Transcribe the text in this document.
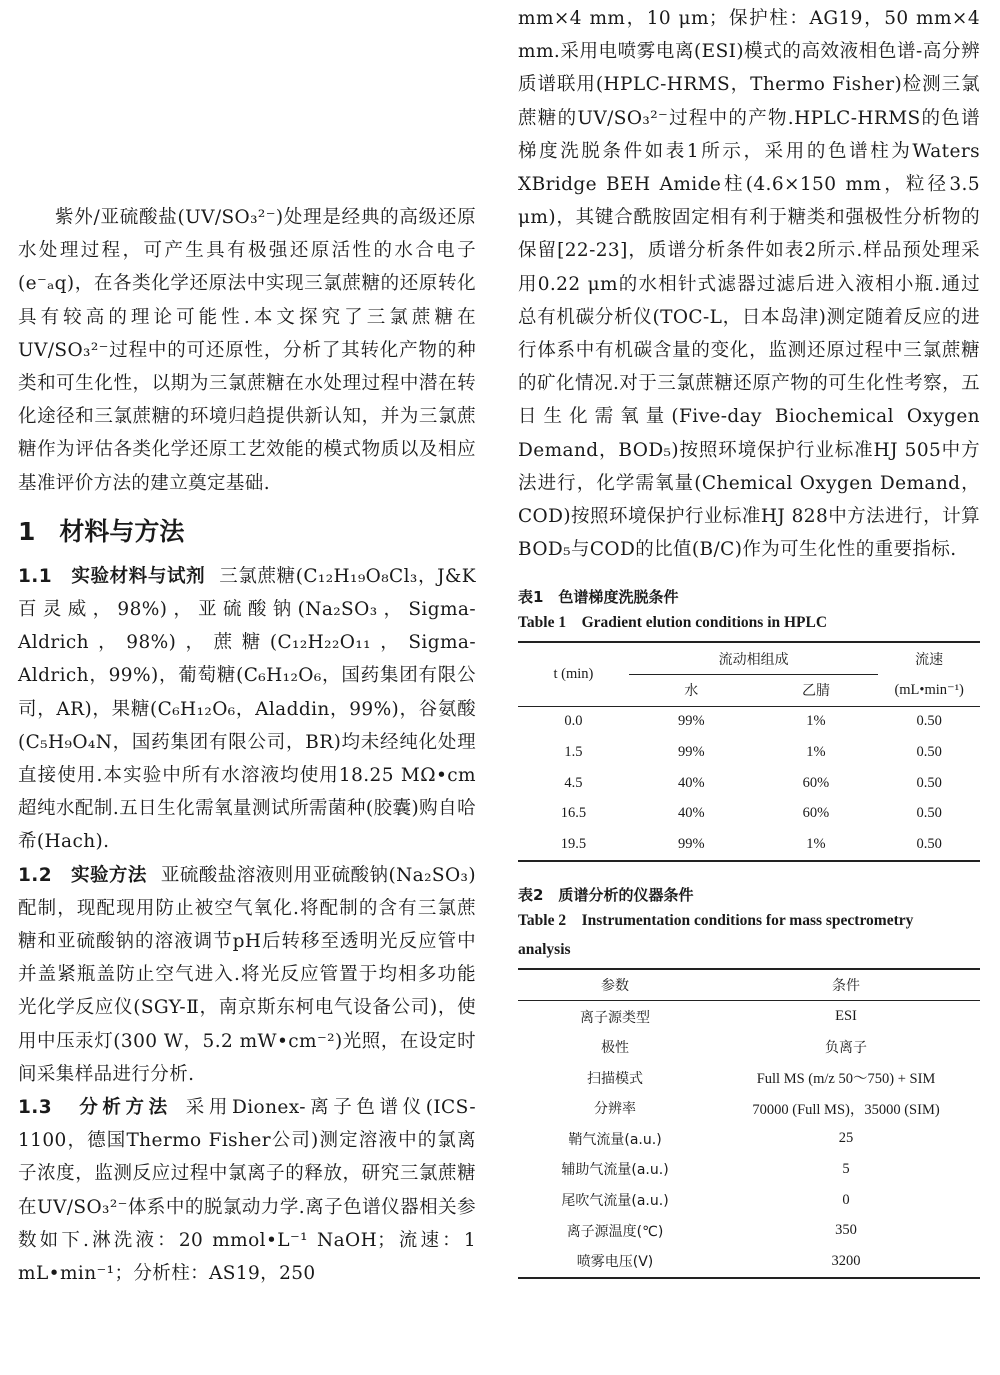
紫外/亚硫酸盐(UV/SO₃²⁻)处理是经典的高级还原水处理过程，可产生具有极强还原活性的水合电子(e⁻ₐq)，在各类化学还原法中实现三氯蔗糖的还原转化具有较高的理论可能性.本文探究了三氯蔗糖在UV/SO₃²⁻过程中的可还原性，分析了其转化产物的种类和可生化性，以期为三氯蔗糖在水处理过程中潜在转化途径和三氯蔗糖的环境归趋提供新认知，并为三氯蔗糖作为评估各类化学还原工艺效能的模式物质以及相应基准评价方法的建立奠定基础.

1 材料与方法

1.1　实验材料与试剂 三氯蔗糖(C₁₂H₁₉O₈Cl₃，J&K 百灵威，98%)，亚硫酸钠(Na₂SO₃，Sigma-Aldrich，98%)，蔗糖(C₁₂H₂₂O₁₁，Sigma-Aldrich，99%)，葡萄糖(C₆H₁₂O₆，国药集团有限公司，AR)，果糖(C₆H₁₂O₆，Aladdin，99%)，谷氨酸(C₅H₉O₄N，国药集团有限公司，BR)均未经纯化处理直接使用.本实验中所有水溶液均使用18.25 MΩ•cm超纯水配制.五日生化需氧量测试所需菌种(胶囊)购自哈希(Hach).

1.2　实验方法 亚硫酸盐溶液则用亚硫酸钠(Na₂SO₃)配制，现配现用防止被空气氧化.将配制的含有三氯蔗糖和亚硫酸钠的溶液调节pH后转移至透明光反应管中并盖紧瓶盖防止空气进入.将光反应管置于均相多功能光化学反应仪(SGY-Ⅱ，南京斯东柯电气设备公司)，使用中压汞灯(300 W，5.2 mW•cm⁻²)光照，在设定时间采集样品进行分析.

1.3　分析方法 采用Dionex-离子色谱仪(ICS-1100，德国Thermo Fisher公司)测定溶液中的氯离子浓度，监测反应过程中氯离子的释放，研究三氯蔗糖在UV/SO₃²⁻体系中的脱氯动力学.离子色谱仪器相关参数如下.淋洗液：20 mmol•L⁻¹ NaOH；流速：1 mL•min⁻¹；分析柱：AS19，250

mm×4 mm，10 μm；保护柱：AG19，50 mm×4 mm.采用电喷雾电离(ESI)模式的高效液相色谱-高分辨质谱联用(HPLC-HRMS，Thermo Fisher)检测三氯蔗糖的UV/SO₃²⁻过程中的产物.HPLC-HRMS的色谱梯度洗脱条件如表1所示，采用的色谱柱为Waters XBridge BEH Amide柱(4.6×150 mm，粒径3.5 μm)，其键合酰胺固定相有利于糖类和强极性分析物的保留[22-23]，质谱分析条件如表2所示.样品预处理采用0.22 μm的水相针式滤器过滤后进入液相小瓶.通过总有机碳分析仪(TOC-L，日本岛津)测定随着反应的进行体系中有机碳含量的变化，监测还原过程中三氯蔗糖的矿化情况.对于三氯蔗糖还原产物的可生化性考察，五日生化需氧量(Five-day Biochemical Oxygen Demand，BOD₅)按照环境保护行业标准HJ 505中方法进行，化学需氧量(Chemical Oxygen Demand，COD)按照环境保护行业标准HJ 828中方法进行，计算BOD₅与COD的比值(B/C)作为可生化性的重要指标.

表1　色谱梯度洗脱条件

Table 1　Gradient elution conditions in HPLC

t (min)	流动相组成		流速
	水	乙腈	(mL•min⁻¹)
0.0	99%	1%	0.50
1.5	99%	1%	0.50
4.5	40%	60%	0.50
16.5	40%	60%	0.50
19.5	99%	1%	0.50

表2　质谱分析的仪器条件

Table 2　Instrumentation conditions for mass spectrometry

analysis

参数	条件
离子源类型	ESI
极性	负离子
扫描模式	Full MS (m/z 50～750) + SIM
分辨率	70000 (Full MS)，35000 (SIM)
鞘气流量(a.u.)	25
辅助气流量(a.u.)	5
尾吹气流量(a.u.)	0
离子源温度(℃)	350
喷雾电压(V)	3200
